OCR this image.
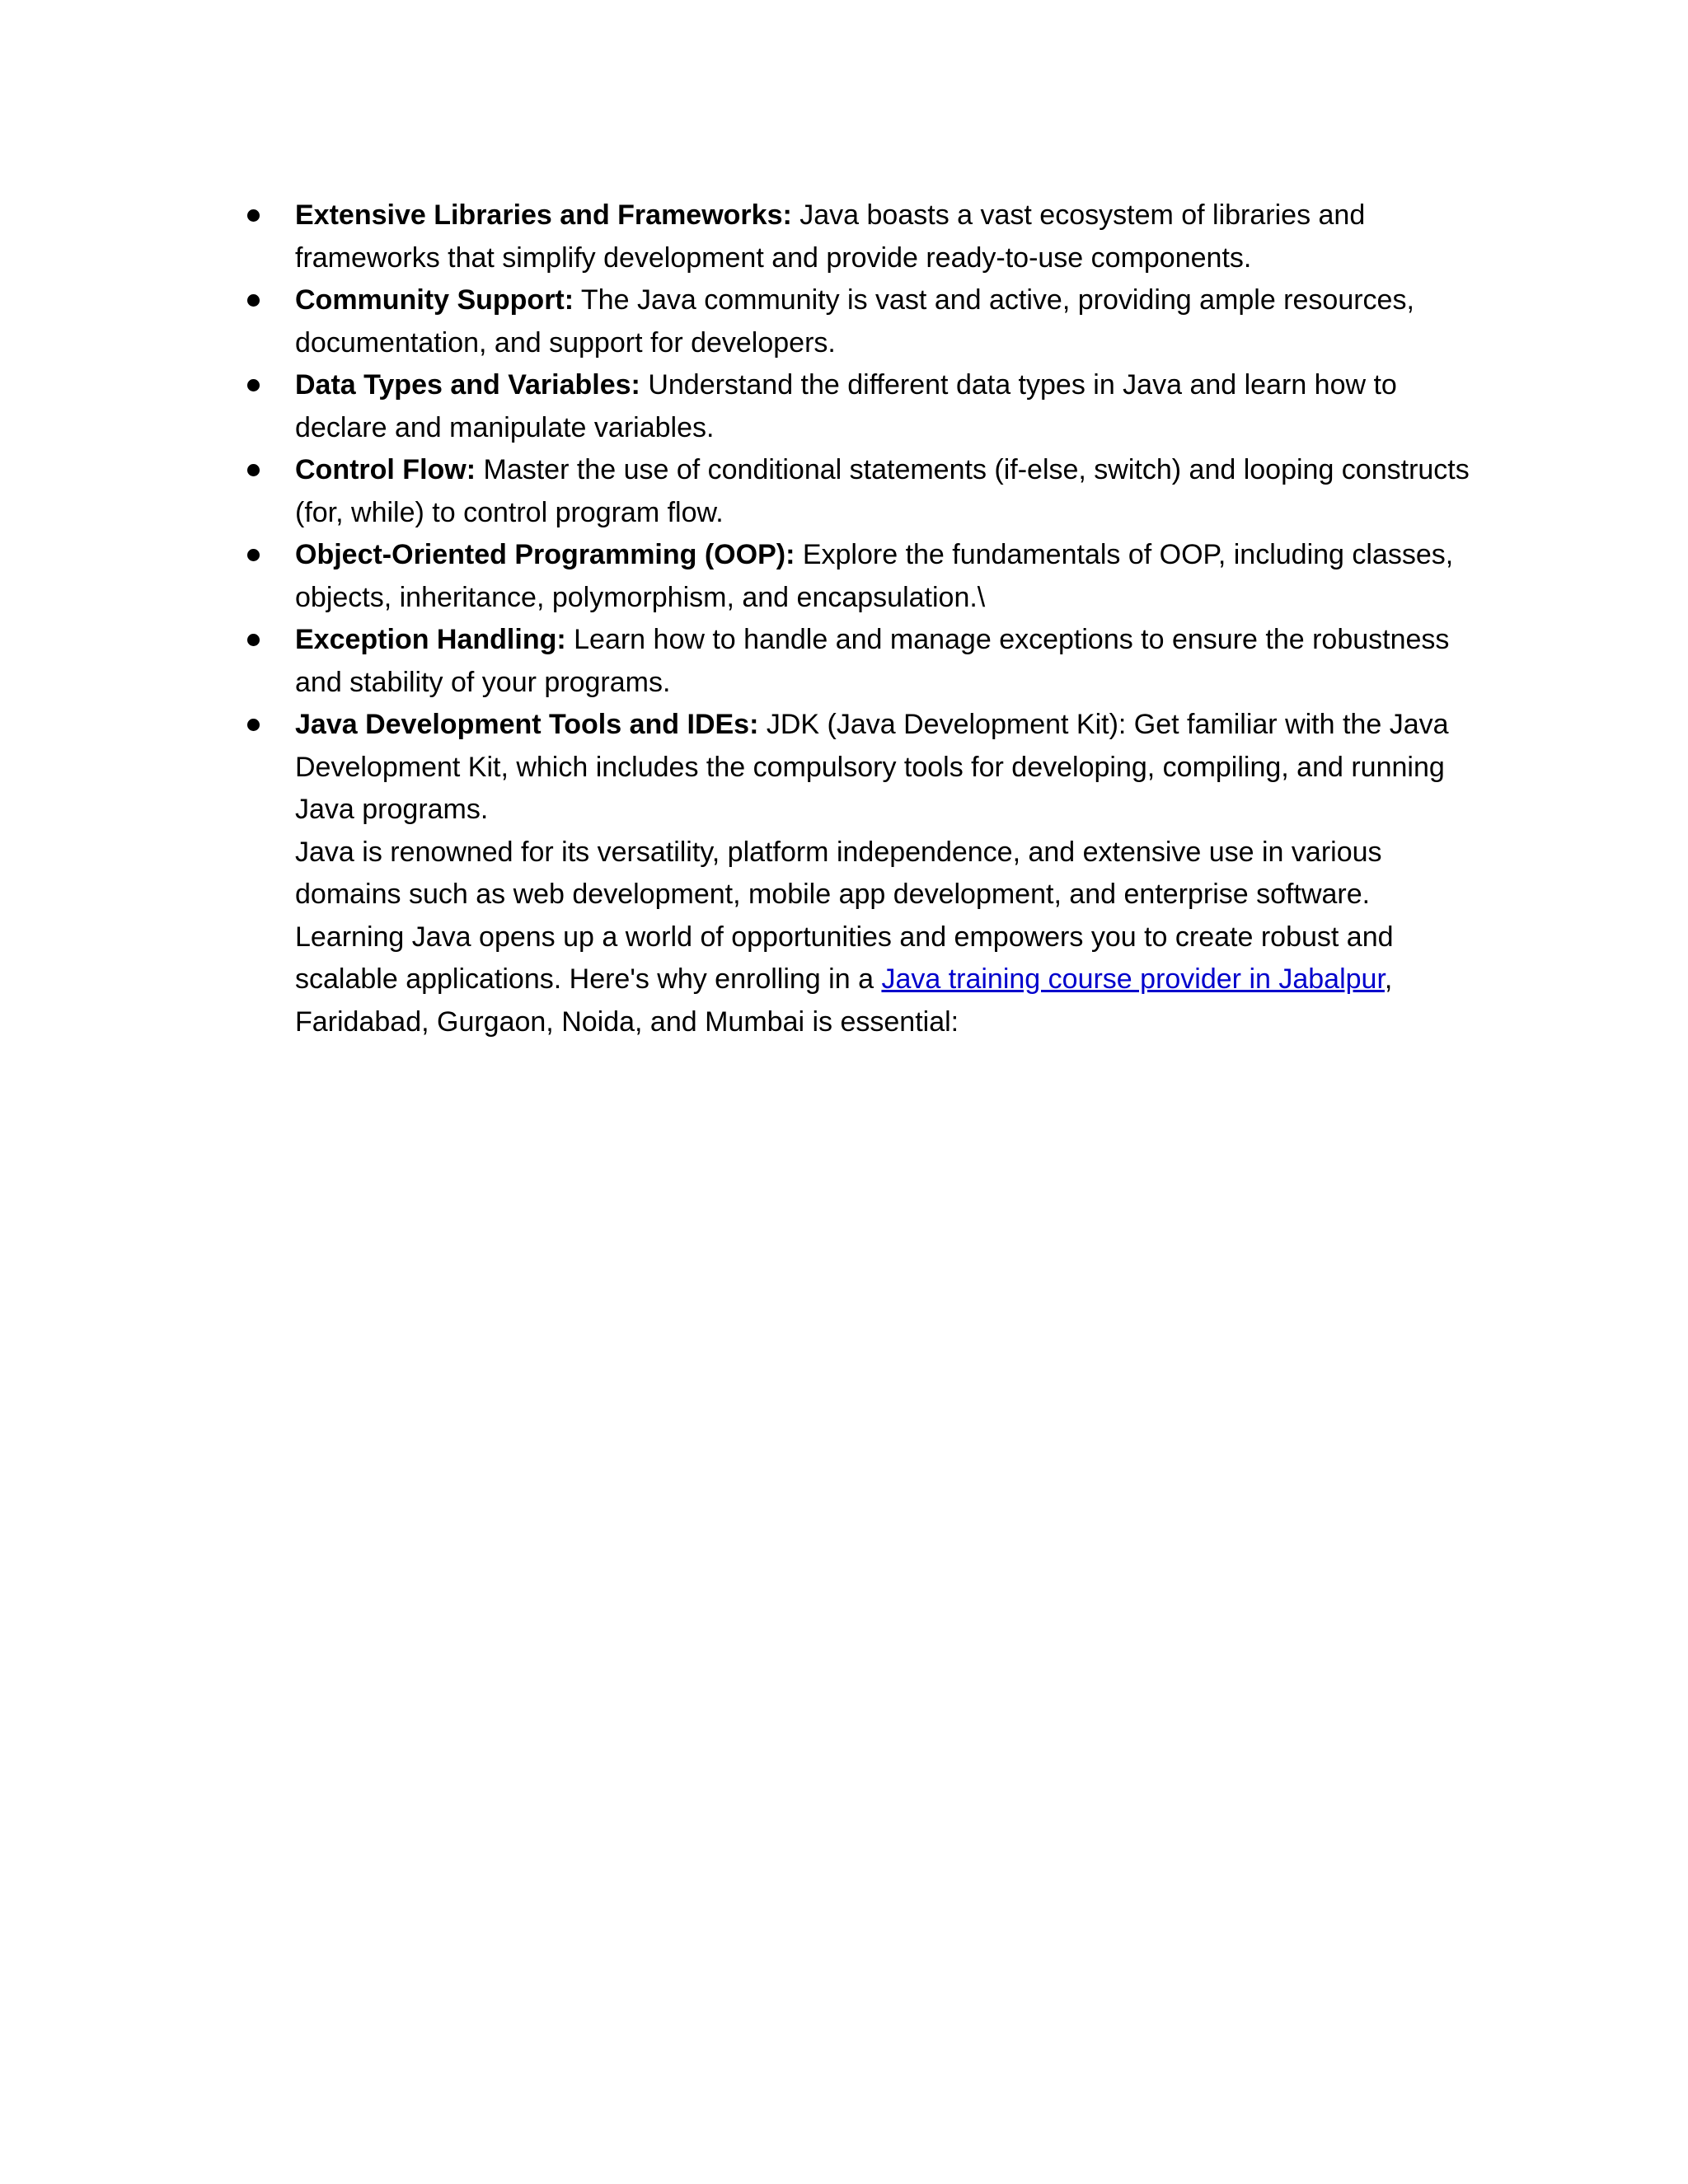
Extensive Libraries and Frameworks: Java boasts a vast ecosystem of libraries and frameworks that simplify development and provide ready-to-use components.
Community Support: The Java community is vast and active, providing ample resources, documentation, and support for developers.
Data Types and Variables: Understand the different data types in Java and learn how to declare and manipulate variables.
Control Flow: Master the use of conditional statements (if-else, switch) and looping constructs (for, while) to control program flow.
Object-Oriented Programming (OOP): Explore the fundamentals of OOP, including classes, objects, inheritance, polymorphism, and encapsulation.\
Exception Handling: Learn how to handle and manage exceptions to ensure the robustness and stability of your programs.
Java Development Tools and IDEs: JDK (Java Development Kit): Get familiar with the Java Development Kit, which includes the compulsory tools for developing, compiling, and running Java programs.
Java is renowned for its versatility, platform independence, and extensive use in various domains such as web development, mobile app development, and enterprise software. Learning Java opens up a world of opportunities and empowers you to create robust and scalable applications. Here's why enrolling in a Java training course provider in Jabalpur, Faridabad, Gurgaon, Noida, and Mumbai is essential:
